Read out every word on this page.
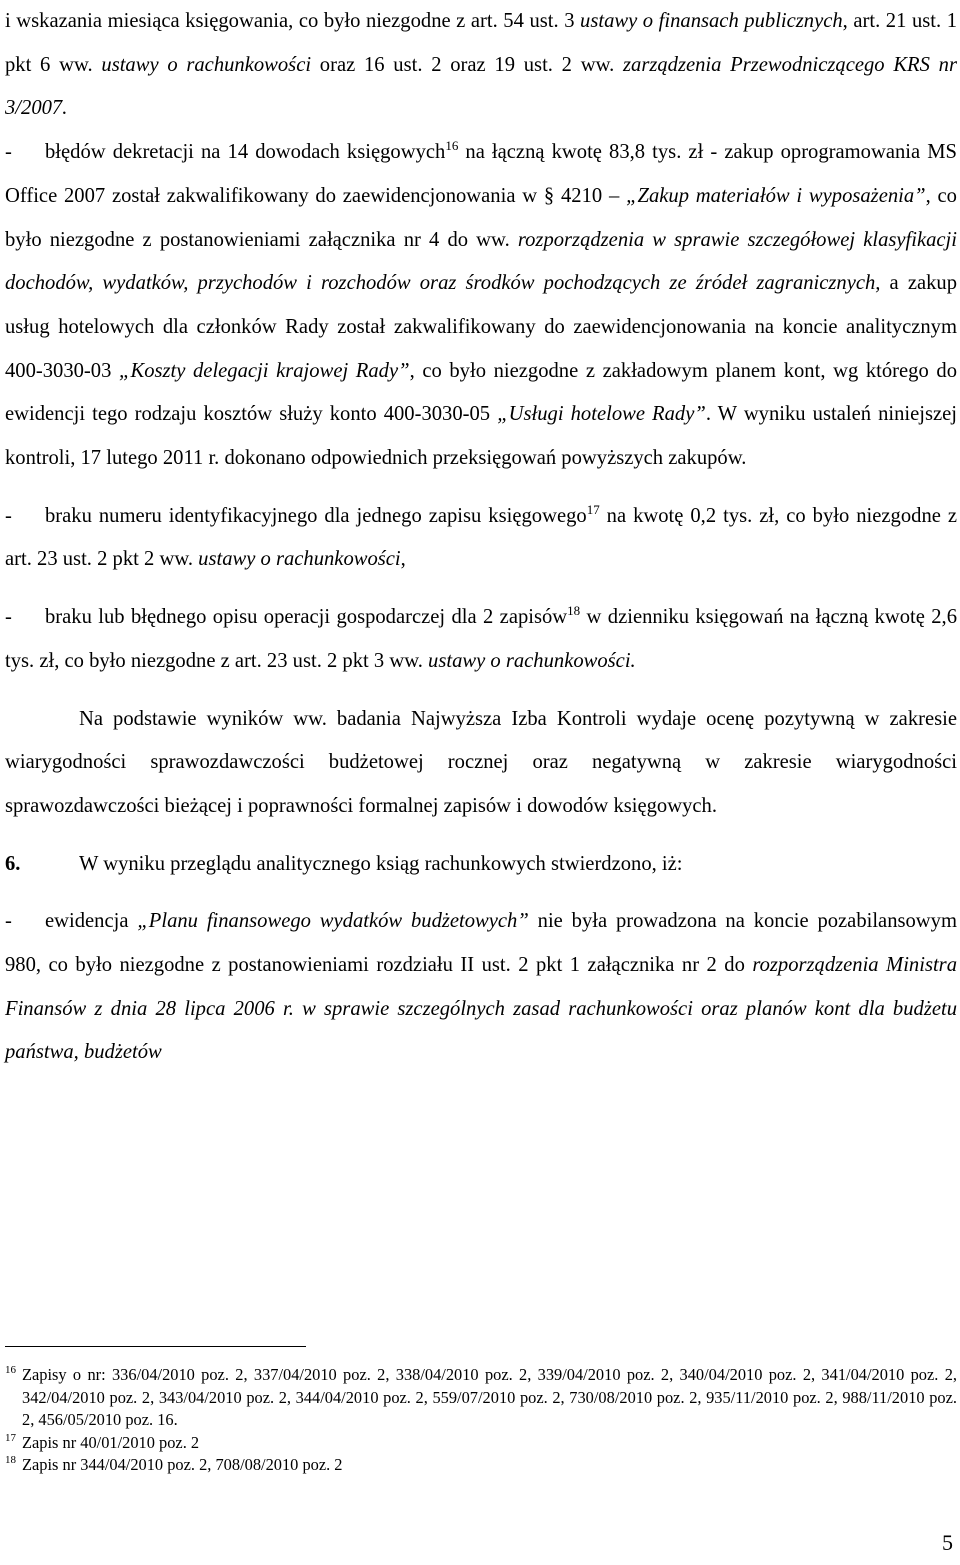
i wskazania miesiąca księgowania, co było niezgodne z art. 54 ust. 3 ustawy o finansach publicznych, art. 21 ust. 1 pkt 6 ww. ustawy o rachunkowości oraz 16 ust. 2 oraz 19 ust. 2 ww. zarządzenia Przewodniczącego KRS nr 3/2007.

- błędów dekretacji na 14 dowodach księgowych$^{16}$ na łączną kwotę 83,8 tys. zł - zakup oprogramowania MS Office 2007 został zakwalifikowany do zaewidencjonowania w § 4210 – „Zakup materiałów i wyposażenia”, co było niezgodne z postanowieniami załącznika nr 4 do ww. rozporządzenia w sprawie szczegółowej klasyfikacji dochodów, wydatków, przychodów i rozchodów oraz środków pochodzących ze źródeł zagranicznych, a zakup usług hotelowych dla członków Rady został zakwalifikowany do zaewidencjonowania na koncie analitycznym 400-3030-03 „Koszty delegacji krajowej Rady”, co było niezgodne z zakładowym planem kont, wg którego do ewidencji tego rodzaju kosztów służy konto 400-3030-05 „Usługi hotelowe Rady”. W wyniku ustaleń niniejszej kontroli, 17 lutego 2011 r. dokonano odpowiednich przeksięgowań powyższych zakupów.

- braku numeru identyfikacyjnego dla jednego zapisu księgowego$^{17}$ na kwotę 0,2 tys. zł, co było niezgodne z art. 23 ust. 2 pkt 2 ww. ustawy o rachunkowości,

- braku lub błędnego opisu operacji gospodarczej dla 2 zapisów$^{18}$ w dzienniku księgowań na łączną kwotę 2,6 tys. zł, co było niezgodne z art. 23 ust. 2 pkt 3 ww. ustawy o rachunkowości.

Na podstawie wyników ww. badania Najwyższa Izba Kontroli wydaje ocenę pozytywną w zakresie wiarygodności sprawozdawczości budżetowej rocznej oraz negatywną w zakresie wiarygodności sprawozdawczości bieżącej i poprawności formalnej zapisów i dowodów księgowych.

6.	W wyniku przeglądu analitycznego ksiąg rachunkowych stwierdzono, iż:

- ewidencja „Planu finansowego wydatków budżetowych” nie była prowadzona na koncie pozabilansowym 980, co było niezgodne z postanowieniami rozdziału II ust. 2 pkt 1 załącznika nr 2 do rozporządzenia Ministra Finansów z dnia 28 lipca 2006 r. w sprawie szczególnych zasad rachunkowości oraz planów kont dla budżetu państwa, budżetów

$^{16}$ Zapisy o nr: 336/04/2010 poz. 2, 337/04/2010 poz. 2, 338/04/2010 poz. 2, 339/04/2010 poz. 2, 340/04/2010 poz. 2, 341/04/2010 poz. 2, 342/04/2010 poz. 2, 343/04/2010 poz. 2, 344/04/2010 poz. 2, 559/07/2010 poz. 2, 730/08/2010 poz. 2, 935/11/2010 poz. 2, 988/11/2010 poz. 2, 456/05/2010 poz. 16.
$^{17}$ Zapis nr 40/01/2010 poz. 2
$^{18}$ Zapis nr 344/04/2010 poz. 2, 708/08/2010 poz. 2
5
